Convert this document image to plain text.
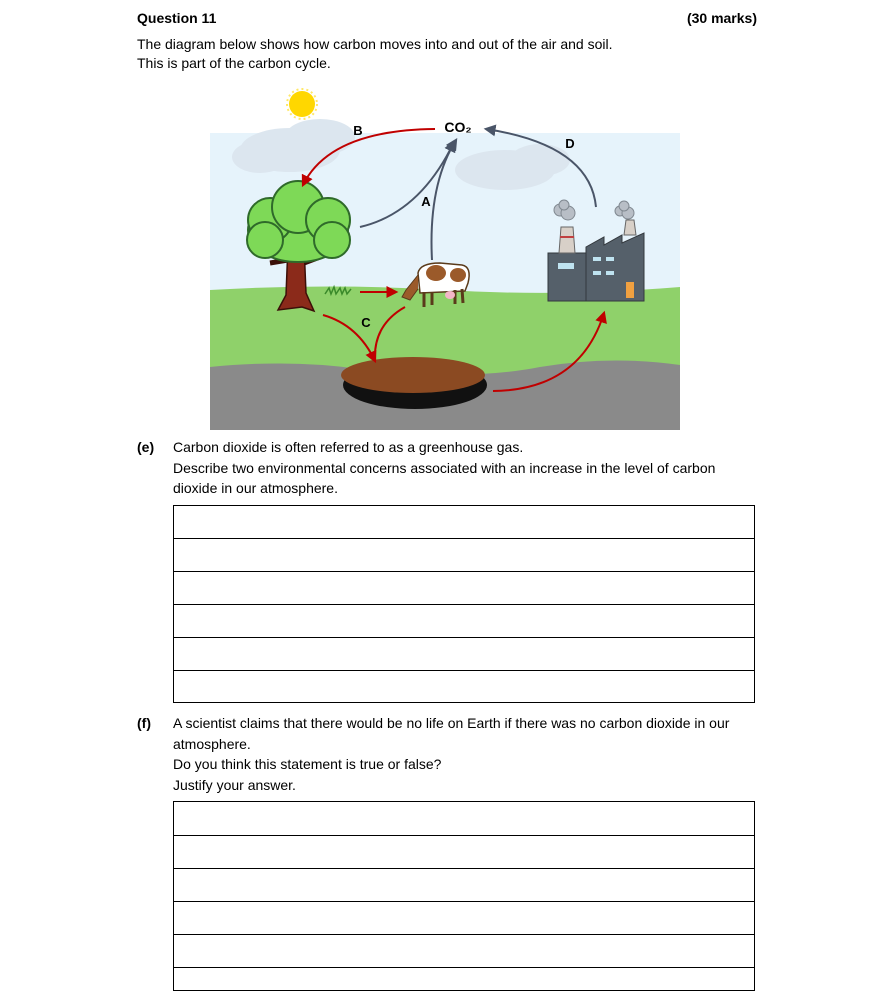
Question 11	(30 marks)
The diagram below shows how carbon moves into and out of the air and soil.
This is part of the carbon cycle.
CO₂
B
D
A
C
(e) Carbon dioxide is often referred to as a greenhouse gas.
Describe two environmental concerns associated with an increase in the level of carbon
dioxide in our atmosphere.
(f) A scientist claims that there would be no life on Earth if there was no carbon dioxide in our
atmosphere.
Do you think this statement is true or false?
Justify your answer.
